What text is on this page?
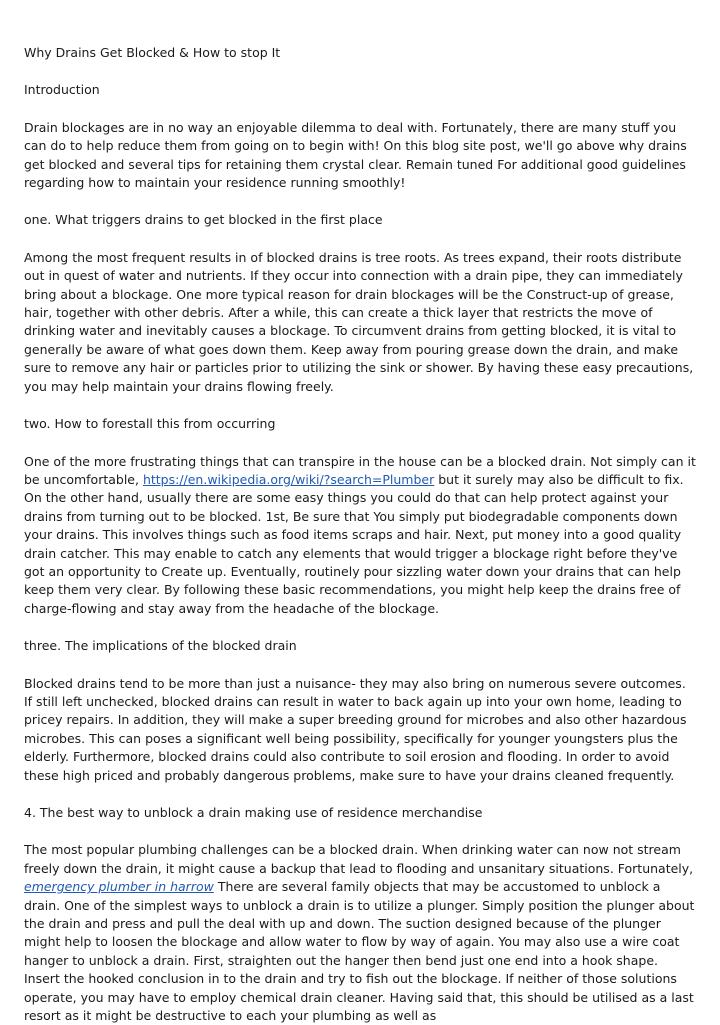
Why Drains Get Blocked & How to stop It

Introduction

Drain blockages are in no way an enjoyable dilemma to deal with. Fortunately, there are many stuff you can do to help reduce them from going on to begin with! On this blog site post, we'll go above why drains get blocked and several tips for retaining them crystal clear. Remain tuned For additional good guidelines regarding how to maintain your residence running smoothly!

one. What triggers drains to get blocked in the first place

Among the most frequent results in of blocked drains is tree roots. As trees expand, their roots distribute out in quest of water and nutrients. If they occur into connection with a drain pipe, they can immediately bring about a blockage. One more typical reason for drain blockages will be the Construct-up of grease, hair, together with other debris. After a while, this can create a thick layer that restricts the move of drinking water and inevitably causes a blockage. To circumvent drains from getting blocked, it is vital to generally be aware of what goes down them. Keep away from pouring grease down the drain, and make sure to remove any hair or particles prior to utilizing the sink or shower. By having these easy precautions, you may help maintain your drains flowing freely.

two. How to forestall this from occurring

One of the more frustrating things that can transpire in the house can be a blocked drain. Not simply can it be uncomfortable, https://en.wikipedia.org/wiki/?search=Plumber but it surely may also be difficult to fix. On the other hand, usually there are some easy things you could do that can help protect against your drains from turning out to be blocked. 1st, Be sure that You simply put biodegradable components down your drains. This involves things such as food items scraps and hair. Next, put money into a good quality drain catcher. This may enable to catch any elements that would trigger a blockage right before they've got an opportunity to Create up. Eventually, routinely pour sizzling water down your drains that can help keep them very clear. By following these basic recommendations, you might help keep the drains free of charge-flowing and stay away from the headache of the blockage.

three. The implications of the blocked drain

Blocked drains tend to be more than just a nuisance- they may also bring on numerous severe outcomes. If still left unchecked, blocked drains can result in water to back again up into your own home, leading to pricey repairs. In addition, they will make a super breeding ground for microbes and also other hazardous microbes. This can poses a significant well being possibility, specifically for younger youngsters plus the elderly. Furthermore, blocked drains could also contribute to soil erosion and flooding. In order to avoid these high priced and probably dangerous problems, make sure to have your drains cleaned frequently.

4. The best way to unblock a drain making use of residence merchandise

The most popular plumbing challenges can be a blocked drain. When drinking water can now not stream freely down the drain, it might cause a backup that lead to flooding and unsanitary situations. Fortunately, emergency plumber in harrow There are several family objects that may be accustomed to unblock a drain. One of the simplest ways to unblock a drain is to utilize a plunger. Simply position the plunger about the drain and press and pull the deal with up and down. The suction designed because of the plunger might help to loosen the blockage and allow water to flow by way of again. You may also use a wire coat hanger to unblock a drain. First, straighten out the hanger then bend just one end into a hook shape. Insert the hooked conclusion in to the drain and try to fish out the blockage. If neither of those solutions operate, you may have to employ chemical drain cleaner. Having said that, this should be utilised as a last resort as it might be destructive to each your plumbing as well as
